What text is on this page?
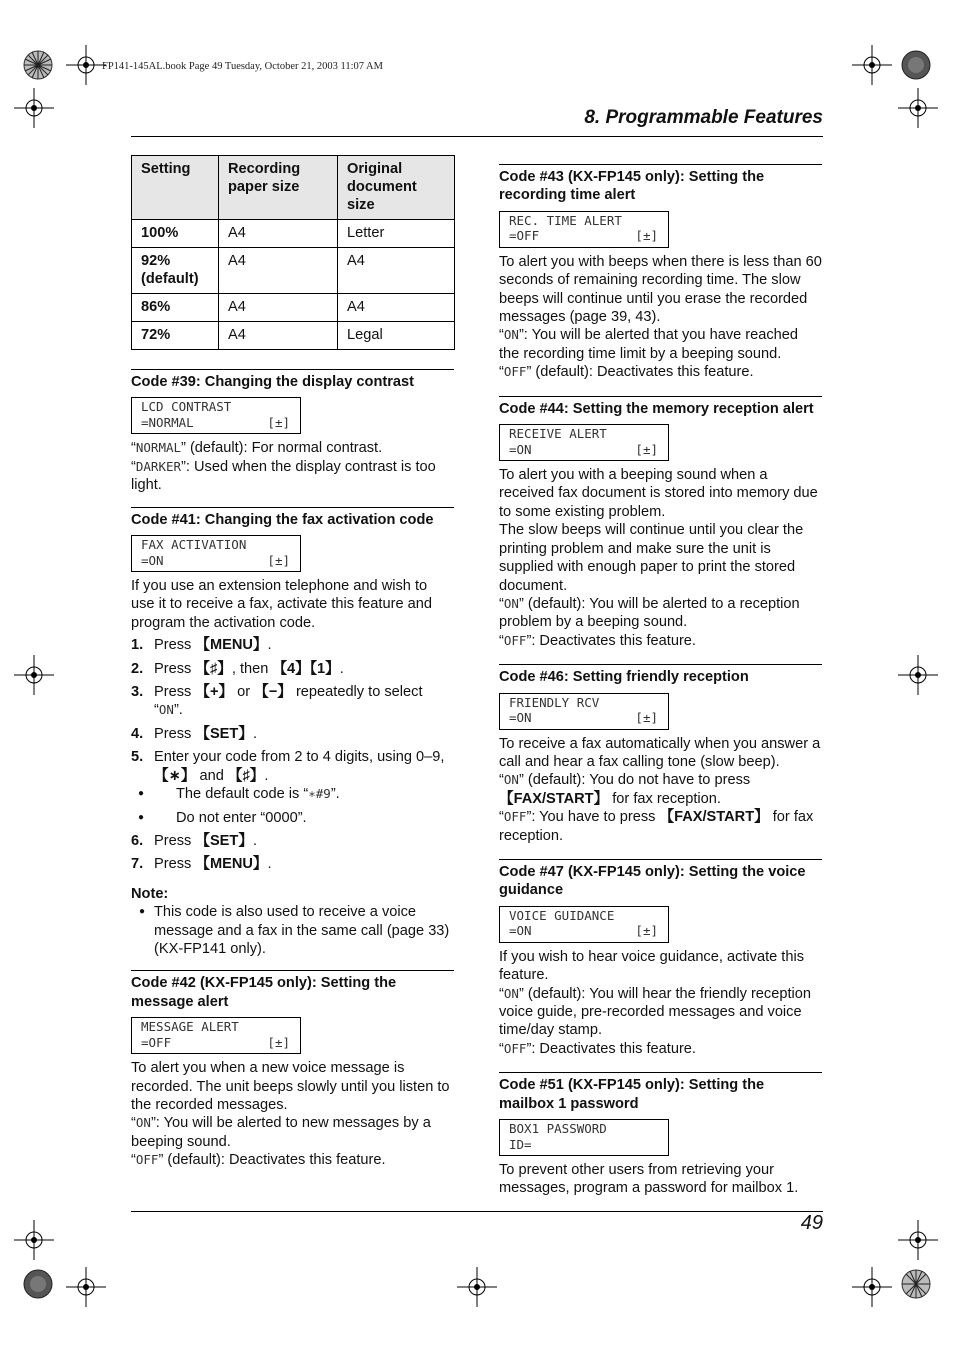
FP141-145AL.book Page 49 Tuesday, October 21, 2003 11:07 AM
8. Programmable Features
Setting	Recording paper size	Original document size
100%	A4	Letter
92% (default)	A4	A4
86%	A4	A4
72%	A4	Legal

Code #39: Changing the display contrast

LCD CONTRAST
=NORMAL	[±]

“NORMAL” (default): For normal contrast.

“DARKER”: Used when the display contrast is too light.

Code #41: Changing the fax activation code

FAX ACTIVATION
=ON	[±]

If you use an extension telephone and wish to use it to receive a fax, activate this feature and program the activation code.

1. Press 【MENU】.
2. Press 【♯】, then 【4】【1】.
3. Press 【+】 or 【−】 repeatedly to select “ON”.
4. Press 【SET】.
5. Enter your code from 2 to 4 digits, using 0–9, 【∗】 and 【♯】.
● The default code is “∗#9”.
● Do not enter “0000”.
6. Press 【SET】.
7. Press 【MENU】.

Note:

● This code is also used to receive a voice message and a fax in the same call (page 33)(KX-FP141 only).

Code #42 (KX-FP145 only): Setting the message alert

MESSAGE ALERT
=OFF	[±]

To alert you when a new voice message is recorded. The unit beeps slowly until you listen to the recorded messages.

“ON”: You will be alerted to new messages by a beeping sound.

“OFF” (default): Deactivates this feature.

Code #43 (KX-FP145 only): Setting the recording time alert

REC. TIME ALERT
=OFF	[±]

To alert you with beeps when there is less than 60 seconds of remaining recording time. The slow beeps will continue until you erase the recorded messages (page 39, 43).

“ON”: You will be alerted that you have reached the recording time limit by a beeping sound.

“OFF” (default): Deactivates this feature.

Code #44: Setting the memory reception alert

RECEIVE ALERT
=ON	[±]

To alert you with a beeping sound when a received fax document is stored into memory due to some existing problem.

The slow beeps will continue until you clear the printing problem and make sure the unit is supplied with enough paper to print the stored document.

“ON” (default): You will be alerted to a reception problem by a beeping sound.

“OFF”: Deactivates this feature.

Code #46: Setting friendly reception

FRIENDLY RCV
=ON	[±]

To receive a fax automatically when you answer a call and hear a fax calling tone (slow beep).

“ON” (default): You do not have to press 【FAX/START】 for fax reception.

“OFF”: You have to press 【FAX/START】 for fax reception.

Code #47 (KX-FP145 only): Setting the voice guidance

VOICE GUIDANCE
=ON	[±]

If you wish to hear voice guidance, activate this feature.

“ON” (default): You will hear the friendly reception voice guide, pre-recorded messages and voice time/day stamp.

“OFF”: Deactivates this feature.

Code #51 (KX-FP145 only): Setting the mailbox 1 password

BOX1 PASSWORD
ID=

To prevent other users from retrieving your messages, program a password for mailbox 1.

49
